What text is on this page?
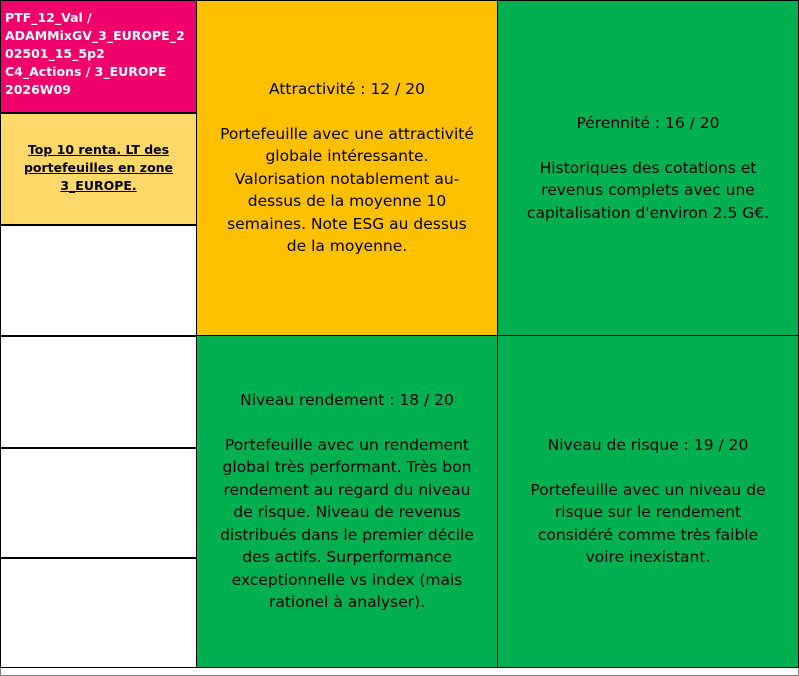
PTF_12_Val /
ADAMMixGV_3_EUROPE_2
02501_15_5p2
C4_Actions / 3_EUROPE
2026W09
Top 10 renta. LT des
portefeuilles en zone
3_EUROPE.
Attractivité : 12 / 20
Portefeuille avec une attractivité
globale intéressante.
Valorisation notablement au-
dessus de la moyenne 10
semaines. Note ESG au dessus
de la moyenne.
Pérennité : 16 / 20
Historiques des cotations et
revenus complets avec une
capitalisation d'environ 2.5 G€.
Niveau rendement : 18 / 20
Portefeuille avec un rendement
global très performant. Très bon
rendement au regard du niveau
de risque. Niveau de revenus
distribués dans le premier décile
des actifs. Surperformance
exceptionnelle vs index (mais
rationel à analyser).
Niveau de risque : 19 / 20
Portefeuille avec un niveau de
risque sur le rendement
considéré comme très faible
voire inexistant.
